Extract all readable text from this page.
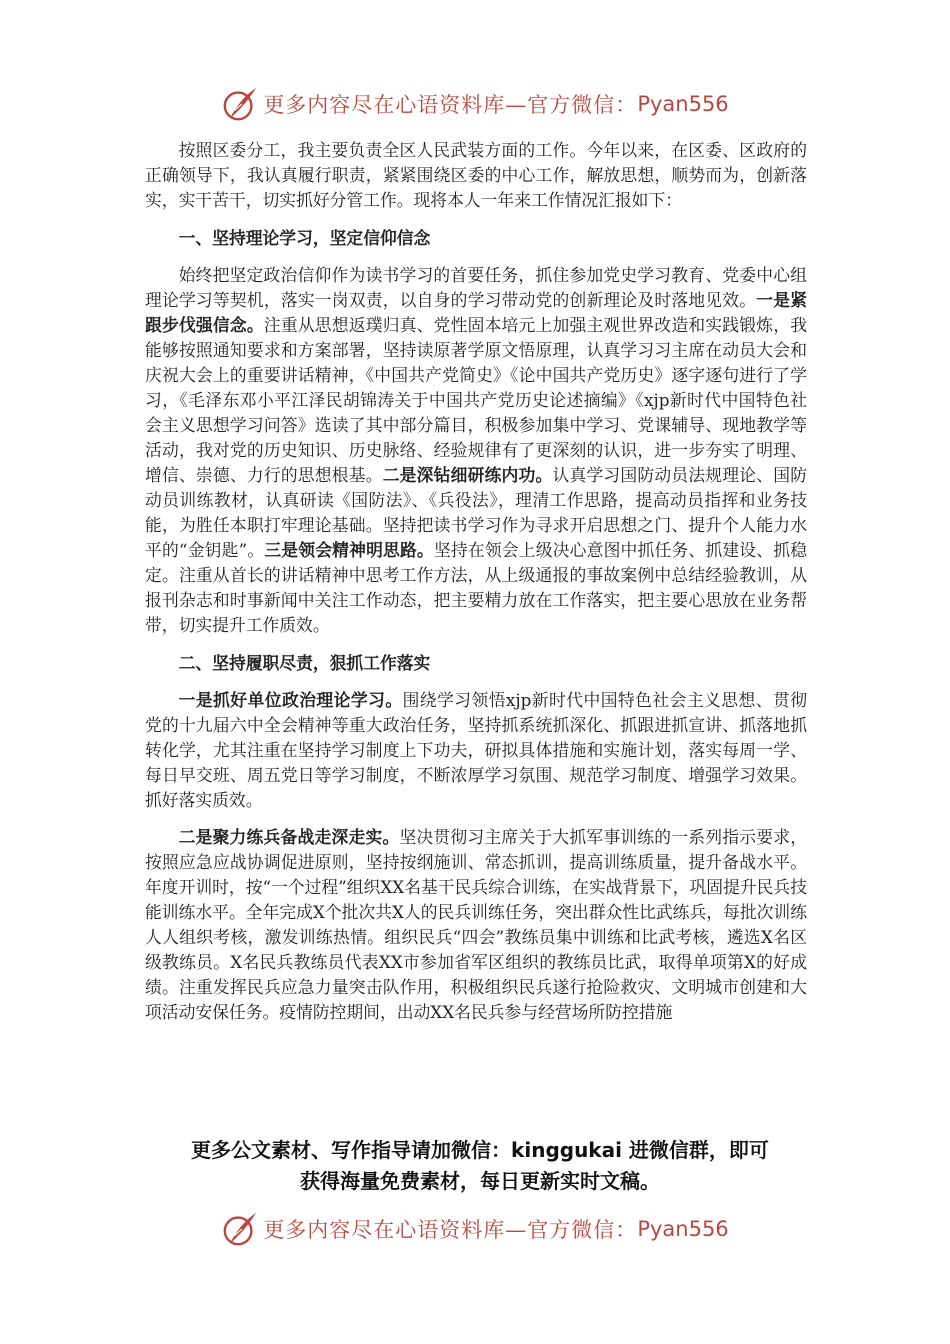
更多内容尽在心语资料库—官方微信： Pyan556

按照区委分工，我主要负责全区人民武装方面的工作。今年以来，在区委、区政府的正确领导下，我认真履行职责，紧紧围绕区委的中心工作，解放思想，顺势而为，创新落实，实干苦干，切实抓好分管工作。现将本人一年来工作情况汇报如下：

一、坚持理论学习，坚定信仰信念

始终把坚定政治信仰作为读书学习的首要任务，抓住参加党史学习教育、党委中心组理论学习等契机，落实一岗双责，以自身的学习带动党的创新理论及时落地见效。一是紧跟步伐强信念。注重从思想返璞归真、党性固本培元上加强主观世界改造和实践锻炼，我能够按照通知要求和方案部署，坚持读原著学原文悟原理，认真学习习主席在动员大会和庆祝大会上的重要讲话精神，《中国共产党简史》《论中国共产党历史》逐字逐句进行了学习，《毛泽东邓小平江泽民胡锦涛关于中国共产党历史论述摘编》《xjp新时代中国特色社会主义思想学习问答》选读了其中部分篇目，积极参加集中学习、党课辅导、现地教学等活动，我对党的历史知识、历史脉络、经验规律有了更深刻的认识，进一步夯实了明理、增信、崇德、力行的思想根基。二是深钻细研练内功。认真学习国防动员法规理论、国防动员训练教材，认真研读《国防法》、《兵役法》，理清工作思路，提高动员指挥和业务技能，为胜任本职打牢理论基础。坚持把读书学习作为寻求开启思想之门、提升个人能力水平的“金钥匙”。三是领会精神明思路。坚持在领会上级决心意图中抓任务、抓建设、抓稳定。注重从首长的讲话精神中思考工作方法，从上级通报的事故案例中总结经验教训，从报刊杂志和时事新闻中关注工作动态，把主要精力放在工作落实，把主要心思放在业务帮带，切实提升工作质效。

二、坚持履职尽责，狠抓工作落实

一是抓好单位政治理论学习。围绕学习领悟xjp新时代中国特色社会主义思想、贯彻党的十九届六中全会精神等重大政治任务，坚持抓系统抓深化、抓跟进抓宣讲、抓落地抓转化学，尤其注重在坚持学习制度上下功夫，研拟具体措施和实施计划，落实每周一学、每日早交班、周五党日等学习制度，不断浓厚学习氛围、规范学习制度、增强学习效果。抓好落实质效。

二是聚力练兵备战走深走实。坚决贯彻习主席关于大抓军事训练的一系列指示要求，按照应急应战协调促进原则，坚持按纲施训、常态抓训，提高训练质量，提升备战水平。年度开训时，按“一个过程”组织XX名基干民兵综合训练，在实战背景下，巩固提升民兵技能训练水平。全年完成X个批次共X人的民兵训练任务，突出群众性比武练兵，每批次训练人人组织考核，激发训练热情。组织民兵“四会”教练员集中训练和比武考核，遴选X名区级教练员。X名民兵教练员代表XX市参加省军区组织的教练员比武，取得单项第X的好成绩。注重发挥民兵应急力量突击队作用，积极组织民兵遂行抢险救灾、文明城市创建和大项活动安保任务。疫情防控期间，出动XX名民兵参与经营场所防控措施

更多公文素材、写作指导请加微信：kinggukai 进微信群，即可
获得海量免费素材，每日更新实时文稿。
更多内容尽在心语资料库—官方微信： Pyan556
